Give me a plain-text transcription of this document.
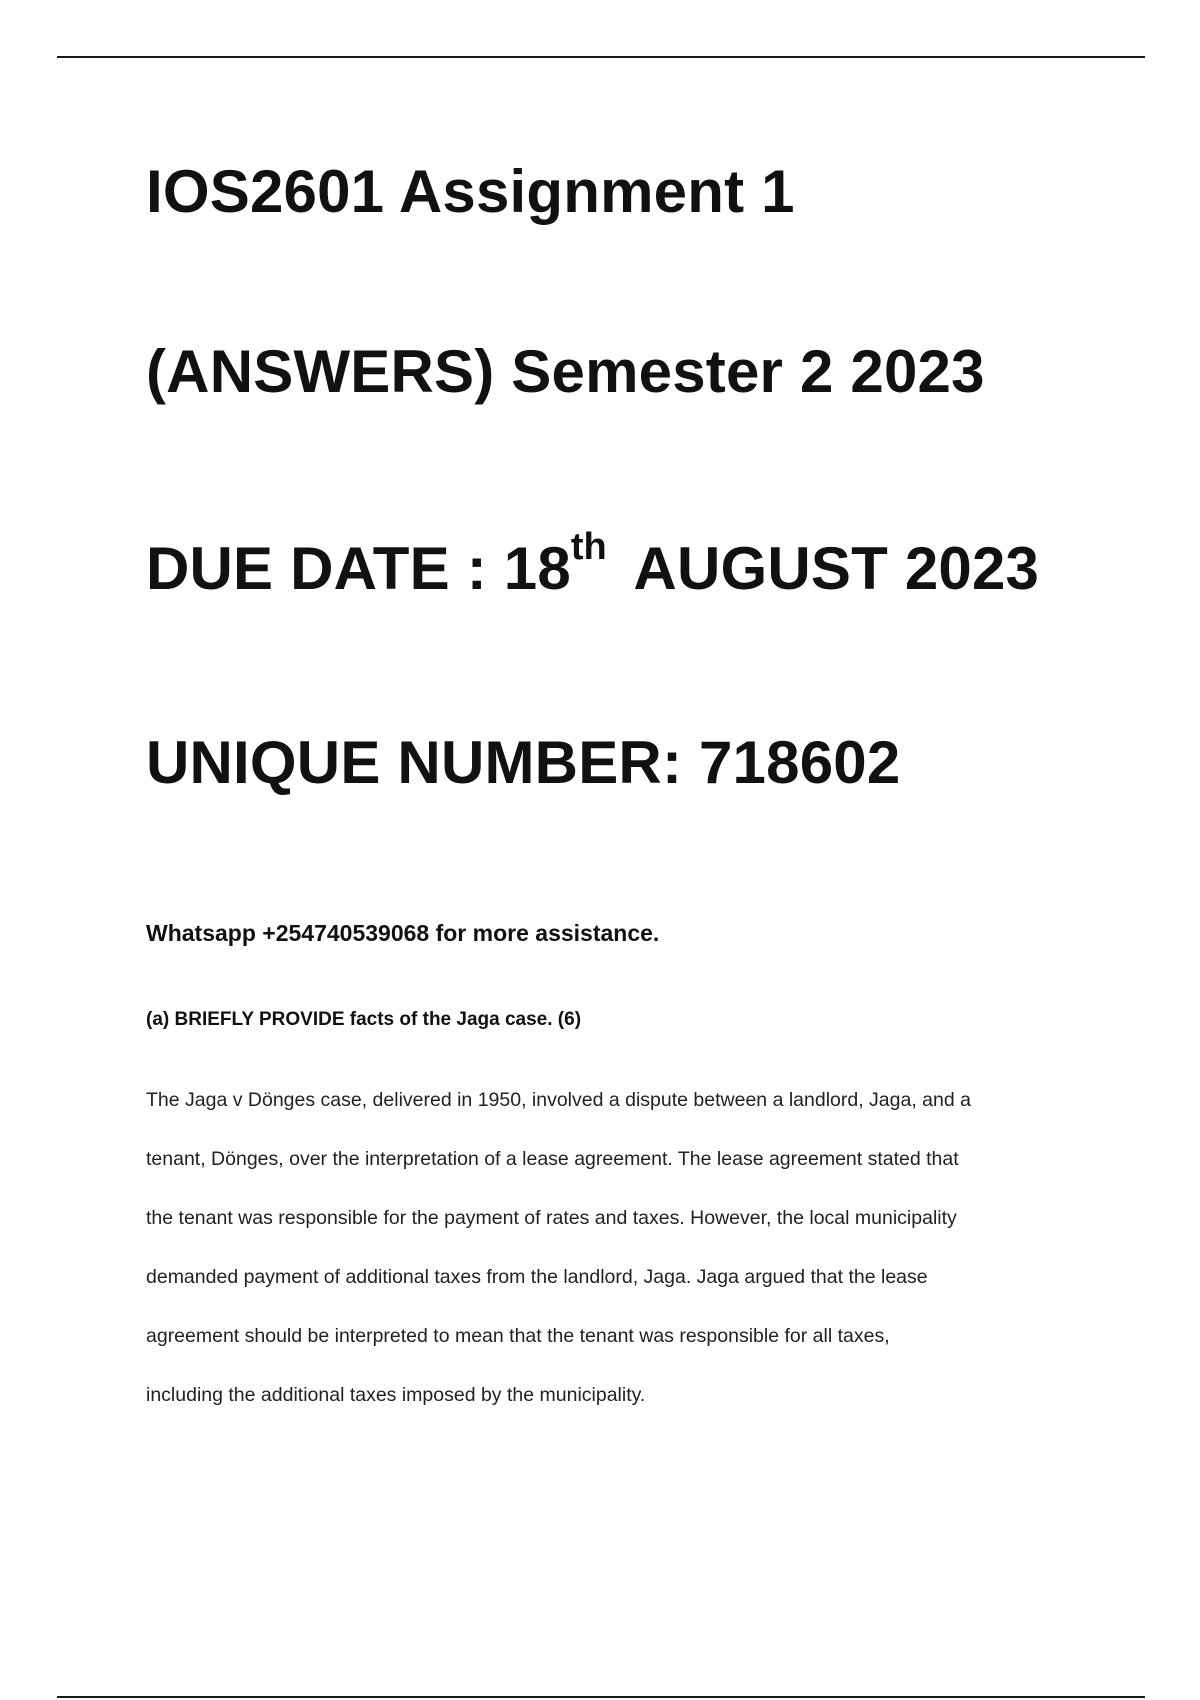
IOS2601 Assignment 1
(ANSWERS) Semester 2 2023
DUE DATE : 18th AUGUST 2023
UNIQUE NUMBER: 718602

Whatsapp +254740539068 for more assistance.

(a) BRIEFLY PROVIDE facts of the Jaga case. (6)

The Jaga v Dönges case, delivered in 1950, involved a dispute between a landlord, Jaga, and a
tenant, Dönges, over the interpretation of a lease agreement. The lease agreement stated that
the tenant was responsible for the payment of rates and taxes. However, the local municipality
demanded payment of additional taxes from the landlord, Jaga. Jaga argued that the lease
agreement should be interpreted to mean that the tenant was responsible for all taxes,
including the additional taxes imposed by the municipality.
